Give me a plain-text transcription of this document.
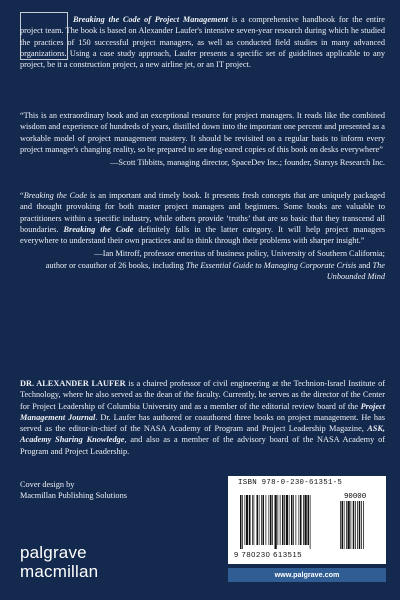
Breaking the Code of Project Management is a comprehensive handbook for the entire project team. The book is based on Alexander Laufer's intensive seven-year research during which he studied the practices of 150 successful project managers, as well as conducted field studies in many advanced organizations. Using a case study approach, Laufer presents a specific set of guidelines applicable to any project, be it a construction project, a new airline jet, or an IT project.

“This is an extraordinary book and an exceptional resource for project managers. It reads like the combined wisdom and experience of hundreds of years, distilled down into the important one percent and presented as a workable model of project management mastery. It should be revisited on a regular basis to inform every project manager's changing reality, so be prepared to see dog-eared copies of this book on desks everywhere”

—Scott Tibbitts, managing director, SpaceDev Inc.; founder, Starsys Research Inc.

“Breaking the Code is an important and timely book. It presents fresh concepts that are uniquely packaged and thought provoking for both master project managers and beginners. Some books are valuable to practitioners within a specific industry, while others provide ‘truths’ that are so basic that they transcend all boundaries. Breaking the Code definitely falls in the latter category. It will help project managers everywhere to understand their own practices and to think through their problems with sharper insight.”

—Ian Mitroff, professor emeritus of business policy, University of Southern California;
author or coauthor of 26 books, including The Essential Guide to Managing Corporate Crisis and The Unbounded Mind

DR. ALEXANDER LAUFER is a chaired professor of civil engineering at the Technion-Israel Institute of Technology, where he also served as the dean of the faculty. Currently, he serves as the director of the Center for Project Leadership of Columbia University and as a member of the editorial review board of the Project Management Journal. Dr. Laufer has authored or coauthored three books on project management. He has served as the editor-in-chief of the NASA Academy of Program and Project Leadership Magazine, ASK, Academy Sharing Knowledge, and also as a member of the advisory board of the NASA Academy of Program and Project Leadership.

Cover design by
Macmillan Publishing Solutions
palgrave
macmillan
ISBN 978-0-230-61351-5
90000
9 780230 613515
www.palgrave.com
